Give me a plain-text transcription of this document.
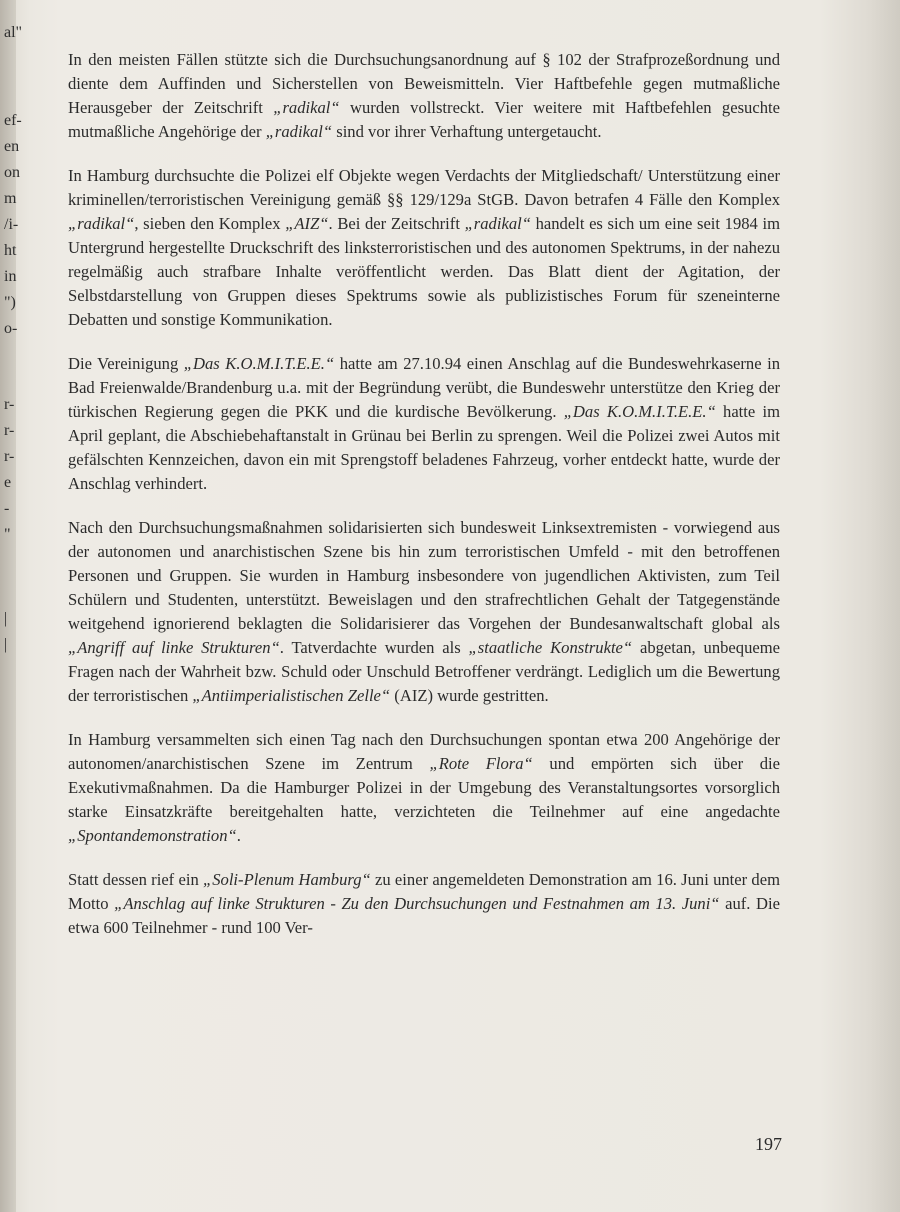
al"
ef-
en
on
m
/i-
ht
in
")
o-
r-
r-
r-
e
-
"
|
|

In den meisten Fällen stützte sich die Durchsuchungsanordnung auf § 102 der Strafprozeßordnung und diente dem Auffinden und Sicherstellen von Beweismitteln. Vier Haftbefehle gegen mutmaßliche Herausgeber der Zeitschrift „radikal“ wurden vollstreckt. Vier weitere mit Haftbefehlen gesuchte mutmaßliche Angehörige der „radikal“ sind vor ihrer Verhaftung untergetaucht.

In Hamburg durchsuchte die Polizei elf Objekte wegen Verdachts der Mitgliedschaft/ Unterstützung einer kriminellen/terroristischen Vereinigung gemäß §§ 129/129a StGB. Davon betrafen 4 Fälle den Komplex „radikal“, sieben den Komplex „AIZ“. Bei der Zeitschrift „radikal“ handelt es sich um eine seit 1984 im Untergrund hergestellte Druckschrift des linksterroristischen und des autonomen Spektrums, in der nahezu regelmäßig auch strafbare Inhalte veröffentlicht werden. Das Blatt dient der Agitation, der Selbstdarstellung von Gruppen dieses Spektrums sowie als publizistisches Forum für szeneinterne Debatten und sonstige Kommunikation.

Die Vereinigung „Das K.O.M.I.T.E.E.“ hatte am 27.10.94 einen Anschlag auf die Bundeswehrkaserne in Bad Freienwalde/Brandenburg u.a. mit der Begründung verübt, die Bundeswehr unterstütze den Krieg der türkischen Regierung gegen die PKK und die kurdische Bevölkerung. „Das K.O.M.I.T.E.E.“ hatte im April geplant, die Abschiebehaftanstalt in Grünau bei Berlin zu sprengen. Weil die Polizei zwei Autos mit gefälschten Kennzeichen, davon ein mit Sprengstoff beladenes Fahrzeug, vorher entdeckt hatte, wurde der Anschlag verhindert.

Nach den Durchsuchungsmaßnahmen solidarisierten sich bundesweit Linksextremisten - vorwiegend aus der autonomen und anarchistischen Szene bis hin zum terroristischen Umfeld - mit den betroffenen Personen und Gruppen. Sie wurden in Hamburg insbesondere von jugendlichen Aktivisten, zum Teil Schülern und Studenten, unterstützt. Beweislagen und den strafrechtlichen Gehalt der Tatgegenstände weitgehend ignorierend beklagten die Solidarisierer das Vorgehen der Bundesanwaltschaft global als „Angriff auf linke Strukturen“. Tatverdachte wurden als „staatliche Konstrukte“ abgetan, unbequeme Fragen nach der Wahrheit bzw. Schuld oder Unschuld Betroffener verdrängt. Lediglich um die Bewertung der terroristischen „Antiimperialistischen Zelle“ (AIZ) wurde gestritten.

In Hamburg versammelten sich einen Tag nach den Durchsuchungen spontan etwa 200 Angehörige der autonomen/anarchistischen Szene im Zentrum „Rote Flora“ und empörten sich über die Exekutivmaßnahmen. Da die Hamburger Polizei in der Umgebung des Veranstaltungsortes vorsorglich starke Einsatzkräfte bereitgehalten hatte, verzichteten die Teilnehmer auf eine angedachte „Spontandemonstration“.

Statt dessen rief ein „Soli-Plenum Hamburg“ zu einer angemeldeten Demonstration am 16. Juni unter dem Motto „Anschlag auf linke Strukturen - Zu den Durchsuchungen und Festnahmen am 13. Juni“ auf. Die etwa 600 Teilnehmer - rund 100 Ver-

197
